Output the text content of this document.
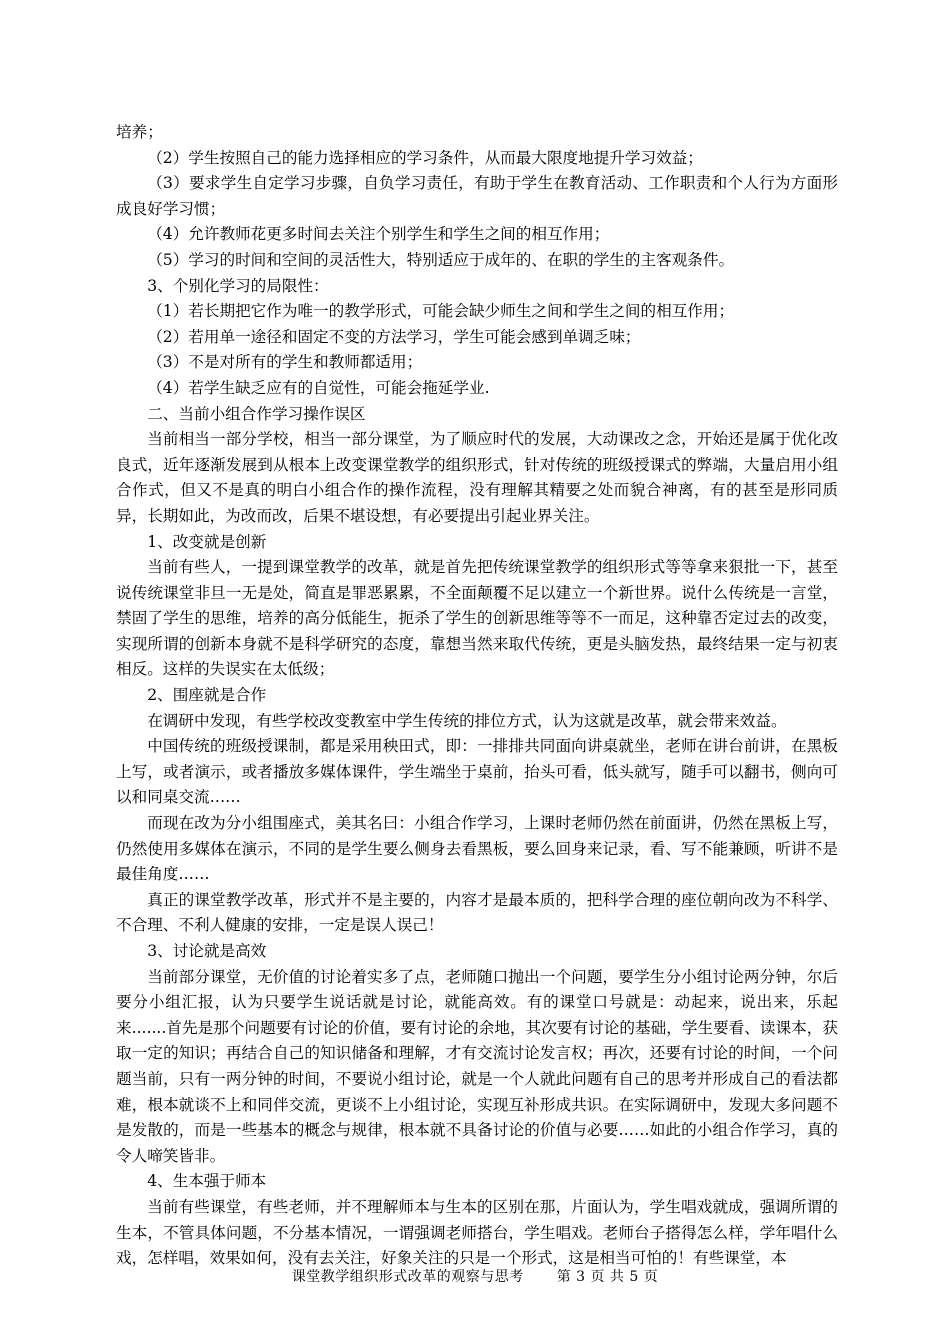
培养；

（2）学生按照自己的能力选择相应的学习条件，从而最大限度地提升学习效益；

（3）要求学生自定学习步骤，自负学习责任，有助于学生在教育活动、工作职责和个人行为方面形成良好学习惯；

（4）允许教师花更多时间去关注个别学生和学生之间的相互作用；

（5）学习的时间和空间的灵活性大，特别适应于成年的、在职的学生的主客观条件。

3、个别化学习的局限性：

（1）若长期把它作为唯一的教学形式，可能会缺少师生之间和学生之间的相互作用；

（2）若用单一途径和固定不变的方法学习，学生可能会感到单调乏味；

（3）不是对所有的学生和教师都适用；

（4）若学生缺乏应有的自觉性，可能会拖延学业.

二、当前小组合作学习操作误区

当前相当一部分学校，相当一部分课堂，为了顺应时代的发展，大动课改之念，开始还是属于优化改良式，近年逐渐发展到从根本上改变课堂教学的组织形式，针对传统的班级授课式的弊端，大量启用小组合作式，但又不是真的明白小组合作的操作流程，没有理解其精要之处而貌合神离，有的甚至是形同质异，长期如此，为改而改，后果不堪设想，有必要提出引起业界关注。

1、改变就是创新

当前有些人，一提到课堂教学的改革，就是首先把传统课堂教学的组织形式等等拿来狠批一下，甚至说传统课堂非旦一无是处，简直是罪恶累累，不全面颠覆不足以建立一个新世界。说什么传统是一言堂，禁固了学生的思维，培养的高分低能生，扼杀了学生的创新思维等等不一而足，这种靠否定过去的改变，实现所谓的创新本身就不是科学研究的态度，靠想当然来取代传统，更是头脑发热，最终结果一定与初衷相反。这样的失误实在太低级；

2、围座就是合作

在调研中发现，有些学校改变教室中学生传统的排位方式，认为这就是改革，就会带来效益。

中国传统的班级授课制，都是采用秧田式，即：一排排共同面向讲桌就坐，老师在讲台前讲，在黑板上写，或者演示，或者播放多媒体课件，学生端坐于桌前，抬头可看，低头就写，随手可以翻书，侧向可以和同桌交流……

而现在改为分小组围座式，美其名曰：小组合作学习，上课时老师仍然在前面讲，仍然在黑板上写，仍然使用多媒体在演示，不同的是学生要么侧身去看黑板，要么回身来记录，看、写不能兼顾，听讲不是最佳角度……

真正的课堂教学改革，形式并不是主要的，内容才是最本质的，把科学合理的座位朝向改为不科学、不合理、不利人健康的安排，一定是误人误己！

3、讨论就是高效

当前部分课堂，无价值的讨论着实多了点，老师随口抛出一个问题，要学生分小组讨论两分钟，尔后要分小组汇报，认为只要学生说话就是讨论，就能高效。有的课堂口号就是：动起来，说出来，乐起来.......首先是那个问题要有讨论的价值，要有讨论的余地，其次要有讨论的基础，学生要看、读课本，获取一定的知识；再结合自己的知识储备和理解，才有交流讨论发言权；再次，还要有讨论的时间，一个问题当前，只有一两分钟的时间，不要说小组讨论，就是一个人就此问题有自己的思考并形成自己的看法都难，根本就谈不上和同伴交流，更谈不上小组讨论，实现互补形成共识。在实际调研中，发现大多问题不是发散的，而是一些基本的概念与规律，根本就不具备讨论的价值与必要……如此的小组合作学习，真的令人啼笑皆非。

4、生本强于师本

当前有些课堂，有些老师，并不理解师本与生本的区别在那，片面认为，学生唱戏就成，强调所谓的生本，不管具体问题，不分基本情况，一谓强调老师搭台，学生唱戏。老师台子搭得怎么样，学年唱什么戏，怎样唱，效果如何，没有去关注，好象关注的只是一个形式，这是相当可怕的！有些课堂，本

课堂教学组织形式改革的观察与思考 第 3 页 共 5 页
